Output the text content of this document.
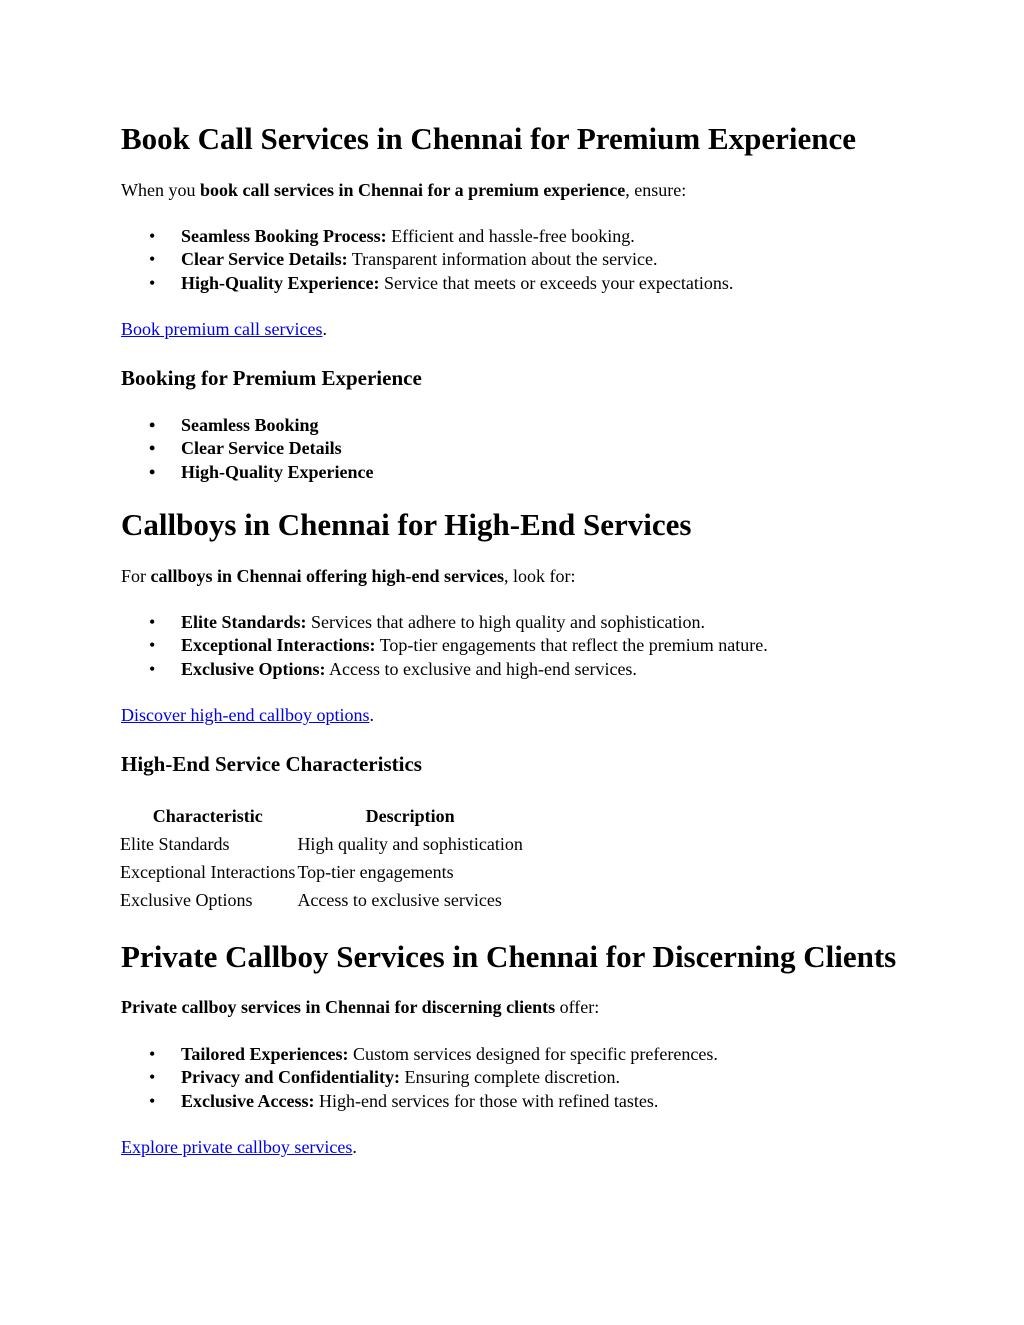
Book Call Services in Chennai for Premium Experience
When you book call services in Chennai for a premium experience, ensure:
• Seamless Booking Process: Efficient and hassle-free booking.
• Clear Service Details: Transparent information about the service.
• High-Quality Experience: Service that meets or exceeds your expectations.
Book premium call services.
Booking for Premium Experience
• Seamless Booking
• Clear Service Details
• High-Quality Experience
Callboys in Chennai for High-End Services
For callboys in Chennai offering high-end services, look for:
• Elite Standards: Services that adhere to high quality and sophistication.
• Exceptional Interactions: Top-tier engagements that reflect the premium nature.
• Exclusive Options: Access to exclusive and high-end services.
Discover high-end callboy options.
High-End Service Characteristics
Characteristic	Description
Elite Standards	High quality and sophistication
Exceptional Interactions	Top-tier engagements
Exclusive Options	Access to exclusive services
Private Callboy Services in Chennai for Discerning Clients
Private callboy services in Chennai for discerning clients offer:
• Tailored Experiences: Custom services designed for specific preferences.
• Privacy and Confidentiality: Ensuring complete discretion.
• Exclusive Access: High-end services for those with refined tastes.
Explore private callboy services.
